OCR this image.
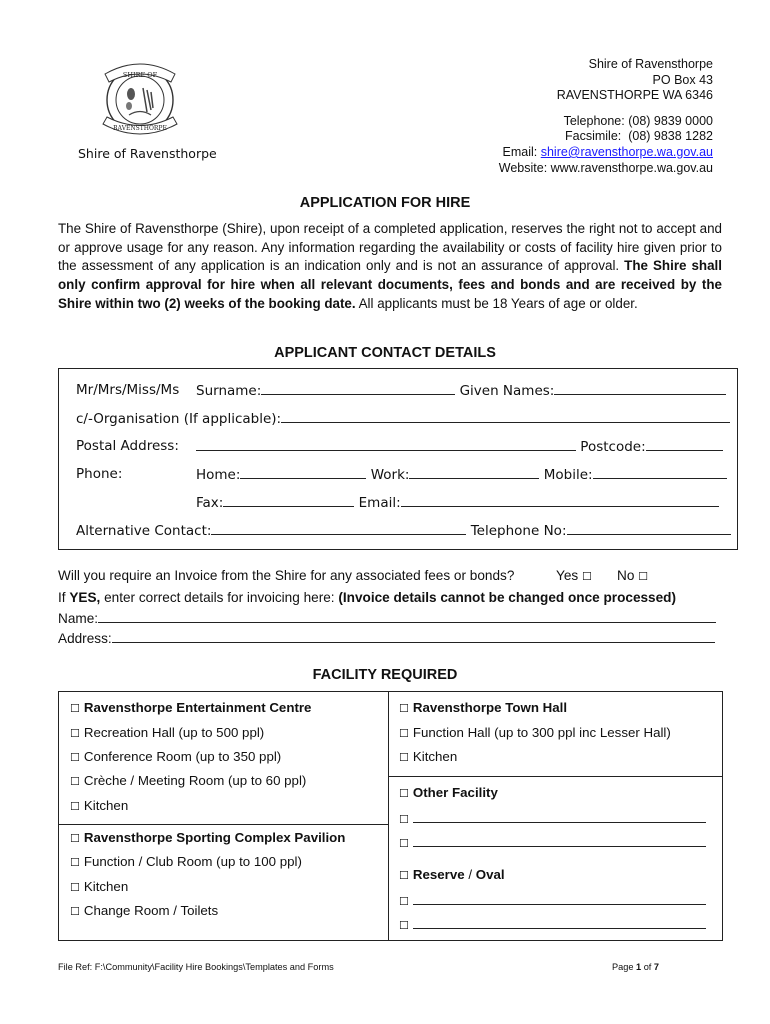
SHIRE OF
RAVENSTHORPE
Shire of Ravensthorpe
Shire of Ravensthorpe
PO Box 43
RAVENSTHORPE WA 6346
Telephone: (08) 9839 0000
Facsimile:  (08) 9838 1282
Email: shire@ravensthorpe.wa.gov.au
Website: www.ravensthorpe.wa.gov.au
APPLICATION FOR HIRE
The Shire of Ravensthorpe (Shire), upon receipt of a completed application, reserves the right not to accept and or approve usage for any reason. Any information regarding the availability or costs of facility hire given prior to the assessment of any application is an indication only and is not an assurance of approval. The Shire shall only confirm approval for hire when all relevant documents, fees and bonds and are received by the Shire within two (2) weeks of the booking date. All applicants must be 18 Years of age or older.
APPLICANT CONTACT DETAILS
Mr/Mrs/Miss/Ms Surname:	Given Names:
c/-Organisation (If applicable):
Postal Address:	Postcode:
Phone:	Home:	Work:	Mobile:
Fax:	Email:
Alternative Contact:	Telephone No:
Will you require an Invoice from the Shire for any associated fees or bonds?	Yes ☐ No ☐
If YES, enter correct details for invoicing here: (Invoice details cannot be changed once processed)
Name:
Address:
FACILITY REQUIRED
☐ Ravensthorpe Entertainment Centre
☐ Recreation Hall (up to 500 ppl)
☐ Conference Room (up to 350 ppl)
☐ Crèche / Meeting Room (up to 60 ppl)
☐ Kitchen
☐ Ravensthorpe Sporting Complex Pavilion
☐ Function / Club Room (up to 100 ppl)
☐ Kitchen
☐ Change Room / Toilets
☐ Ravensthorpe Town Hall
☐ Function Hall (up to 300 ppl inc Lesser Hall)
☐ Kitchen
☐ Other Facility
☐
☐
☐ Reserve / Oval
☐
☐
File Ref: F:\Community\Facility Hire Bookings\Templates and Forms	Page 1 of 7
